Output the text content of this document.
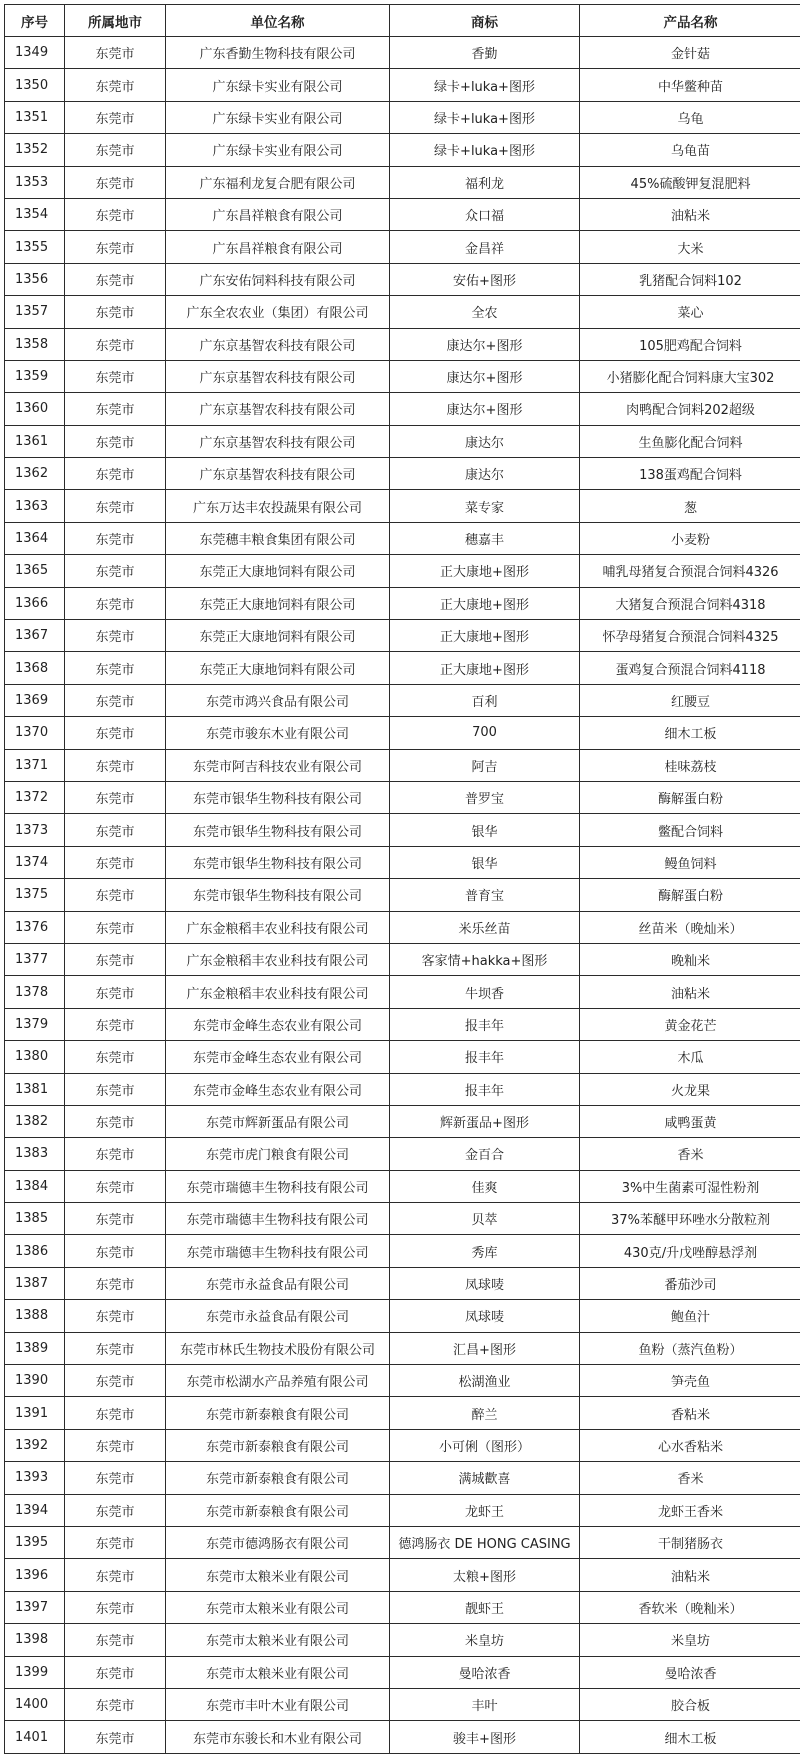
序号	所属地市	单位名称	商标	产品名称
1349	东莞市	广东香勤生物科技有限公司	香勤	金针菇
1350	东莞市	广东绿卡实业有限公司	绿卡+luka+图形	中华鳖种苗
1351	东莞市	广东绿卡实业有限公司	绿卡+luka+图形	乌龟
1352	东莞市	广东绿卡实业有限公司	绿卡+luka+图形	乌龟苗
1353	东莞市	广东福利龙复合肥有限公司	福利龙	45%硫酸钾复混肥料
1354	东莞市	广东昌祥粮食有限公司	众口福	油粘米
1355	东莞市	广东昌祥粮食有限公司	金昌祥	大米
1356	东莞市	广东安佑饲料科技有限公司	安佑+图形	乳猪配合饲料102
1357	东莞市	广东全农农业（集团）有限公司	全农	菜心
1358	东莞市	广东京基智农科技有限公司	康达尔+图形	105肥鸡配合饲料
1359	东莞市	广东京基智农科技有限公司	康达尔+图形	小猪膨化配合饲料康大宝302
1360	东莞市	广东京基智农科技有限公司	康达尔+图形	肉鸭配合饲料202超级
1361	东莞市	广东京基智农科技有限公司	康达尔	生鱼膨化配合饲料
1362	东莞市	广东京基智农科技有限公司	康达尔	138蛋鸡配合饲料
1363	东莞市	广东万达丰农投蔬果有限公司	菜专家	葱
1364	东莞市	东莞穗丰粮食集团有限公司	穗嘉丰	小麦粉
1365	东莞市	东莞正大康地饲料有限公司	正大康地+图形	哺乳母猪复合预混合饲料4326
1366	东莞市	东莞正大康地饲料有限公司	正大康地+图形	大猪复合预混合饲料4318
1367	东莞市	东莞正大康地饲料有限公司	正大康地+图形	怀孕母猪复合预混合饲料4325
1368	东莞市	东莞正大康地饲料有限公司	正大康地+图形	蛋鸡复合预混合饲料4118
1369	东莞市	东莞市鸿兴食品有限公司	百利	红腰豆
1370	东莞市	东莞市骏东木业有限公司	700	细木工板
1371	东莞市	东莞市阿吉科技农业有限公司	阿吉	桂味荔枝
1372	东莞市	东莞市银华生物科技有限公司	普罗宝	酶解蛋白粉
1373	东莞市	东莞市银华生物科技有限公司	银华	鳖配合饲料
1374	东莞市	东莞市银华生物科技有限公司	银华	鳗鱼饲料
1375	东莞市	东莞市银华生物科技有限公司	普育宝	酶解蛋白粉
1376	东莞市	广东金粮稻丰农业科技有限公司	米乐丝苗	丝苗米（晚灿米）
1377	东莞市	广东金粮稻丰农业科技有限公司	客家情+hakka+图形	晚籼米
1378	东莞市	广东金粮稻丰农业科技有限公司	牛坝香	油粘米
1379	东莞市	东莞市金峰生态农业有限公司	报丰年	黄金花芒
1380	东莞市	东莞市金峰生态农业有限公司	报丰年	木瓜
1381	东莞市	东莞市金峰生态农业有限公司	报丰年	火龙果
1382	东莞市	东莞市辉新蛋品有限公司	辉新蛋品+图形	咸鸭蛋黄
1383	东莞市	东莞市虎门粮食有限公司	金百合	香米
1384	东莞市	东莞市瑞德丰生物科技有限公司	佳爽	3%中生菌素可湿性粉剂
1385	东莞市	东莞市瑞德丰生物科技有限公司	贝萃	37%苯醚甲环唑水分散粒剂
1386	东莞市	东莞市瑞德丰生物科技有限公司	秀库	430克/升戊唑醇悬浮剂
1387	东莞市	东莞市永益食品有限公司	凤球唛	番茄沙司
1388	东莞市	东莞市永益食品有限公司	凤球唛	鲍鱼汁
1389	东莞市	东莞市林氏生物技术股份有限公司	汇昌+图形	鱼粉（蒸汽鱼粉）
1390	东莞市	东莞市松湖水产品养殖有限公司	松湖渔业	笋壳鱼
1391	东莞市	东莞市新泰粮食有限公司	醉兰	香粘米
1392	东莞市	东莞市新泰粮食有限公司	小可俐（图形）	心水香粘米
1393	东莞市	东莞市新泰粮食有限公司	满城歡喜	香米
1394	东莞市	东莞市新泰粮食有限公司	龙虾王	龙虾王香米
1395	东莞市	东莞市德鸿肠衣有限公司	德鸿肠衣 DE HONG CASING	干制猪肠衣
1396	东莞市	东莞市太粮米业有限公司	太粮+图形	油粘米
1397	东莞市	东莞市太粮米业有限公司	靓虾王	香软米（晚籼米）
1398	东莞市	东莞市太粮米业有限公司	米皇坊	米皇坊
1399	东莞市	东莞市太粮米业有限公司	曼哈浓香	曼哈浓香
1400	东莞市	东莞市丰叶木业有限公司	丰叶	胶合板
1401	东莞市	东莞市东骏长和木业有限公司	骏丰+图形	细木工板
